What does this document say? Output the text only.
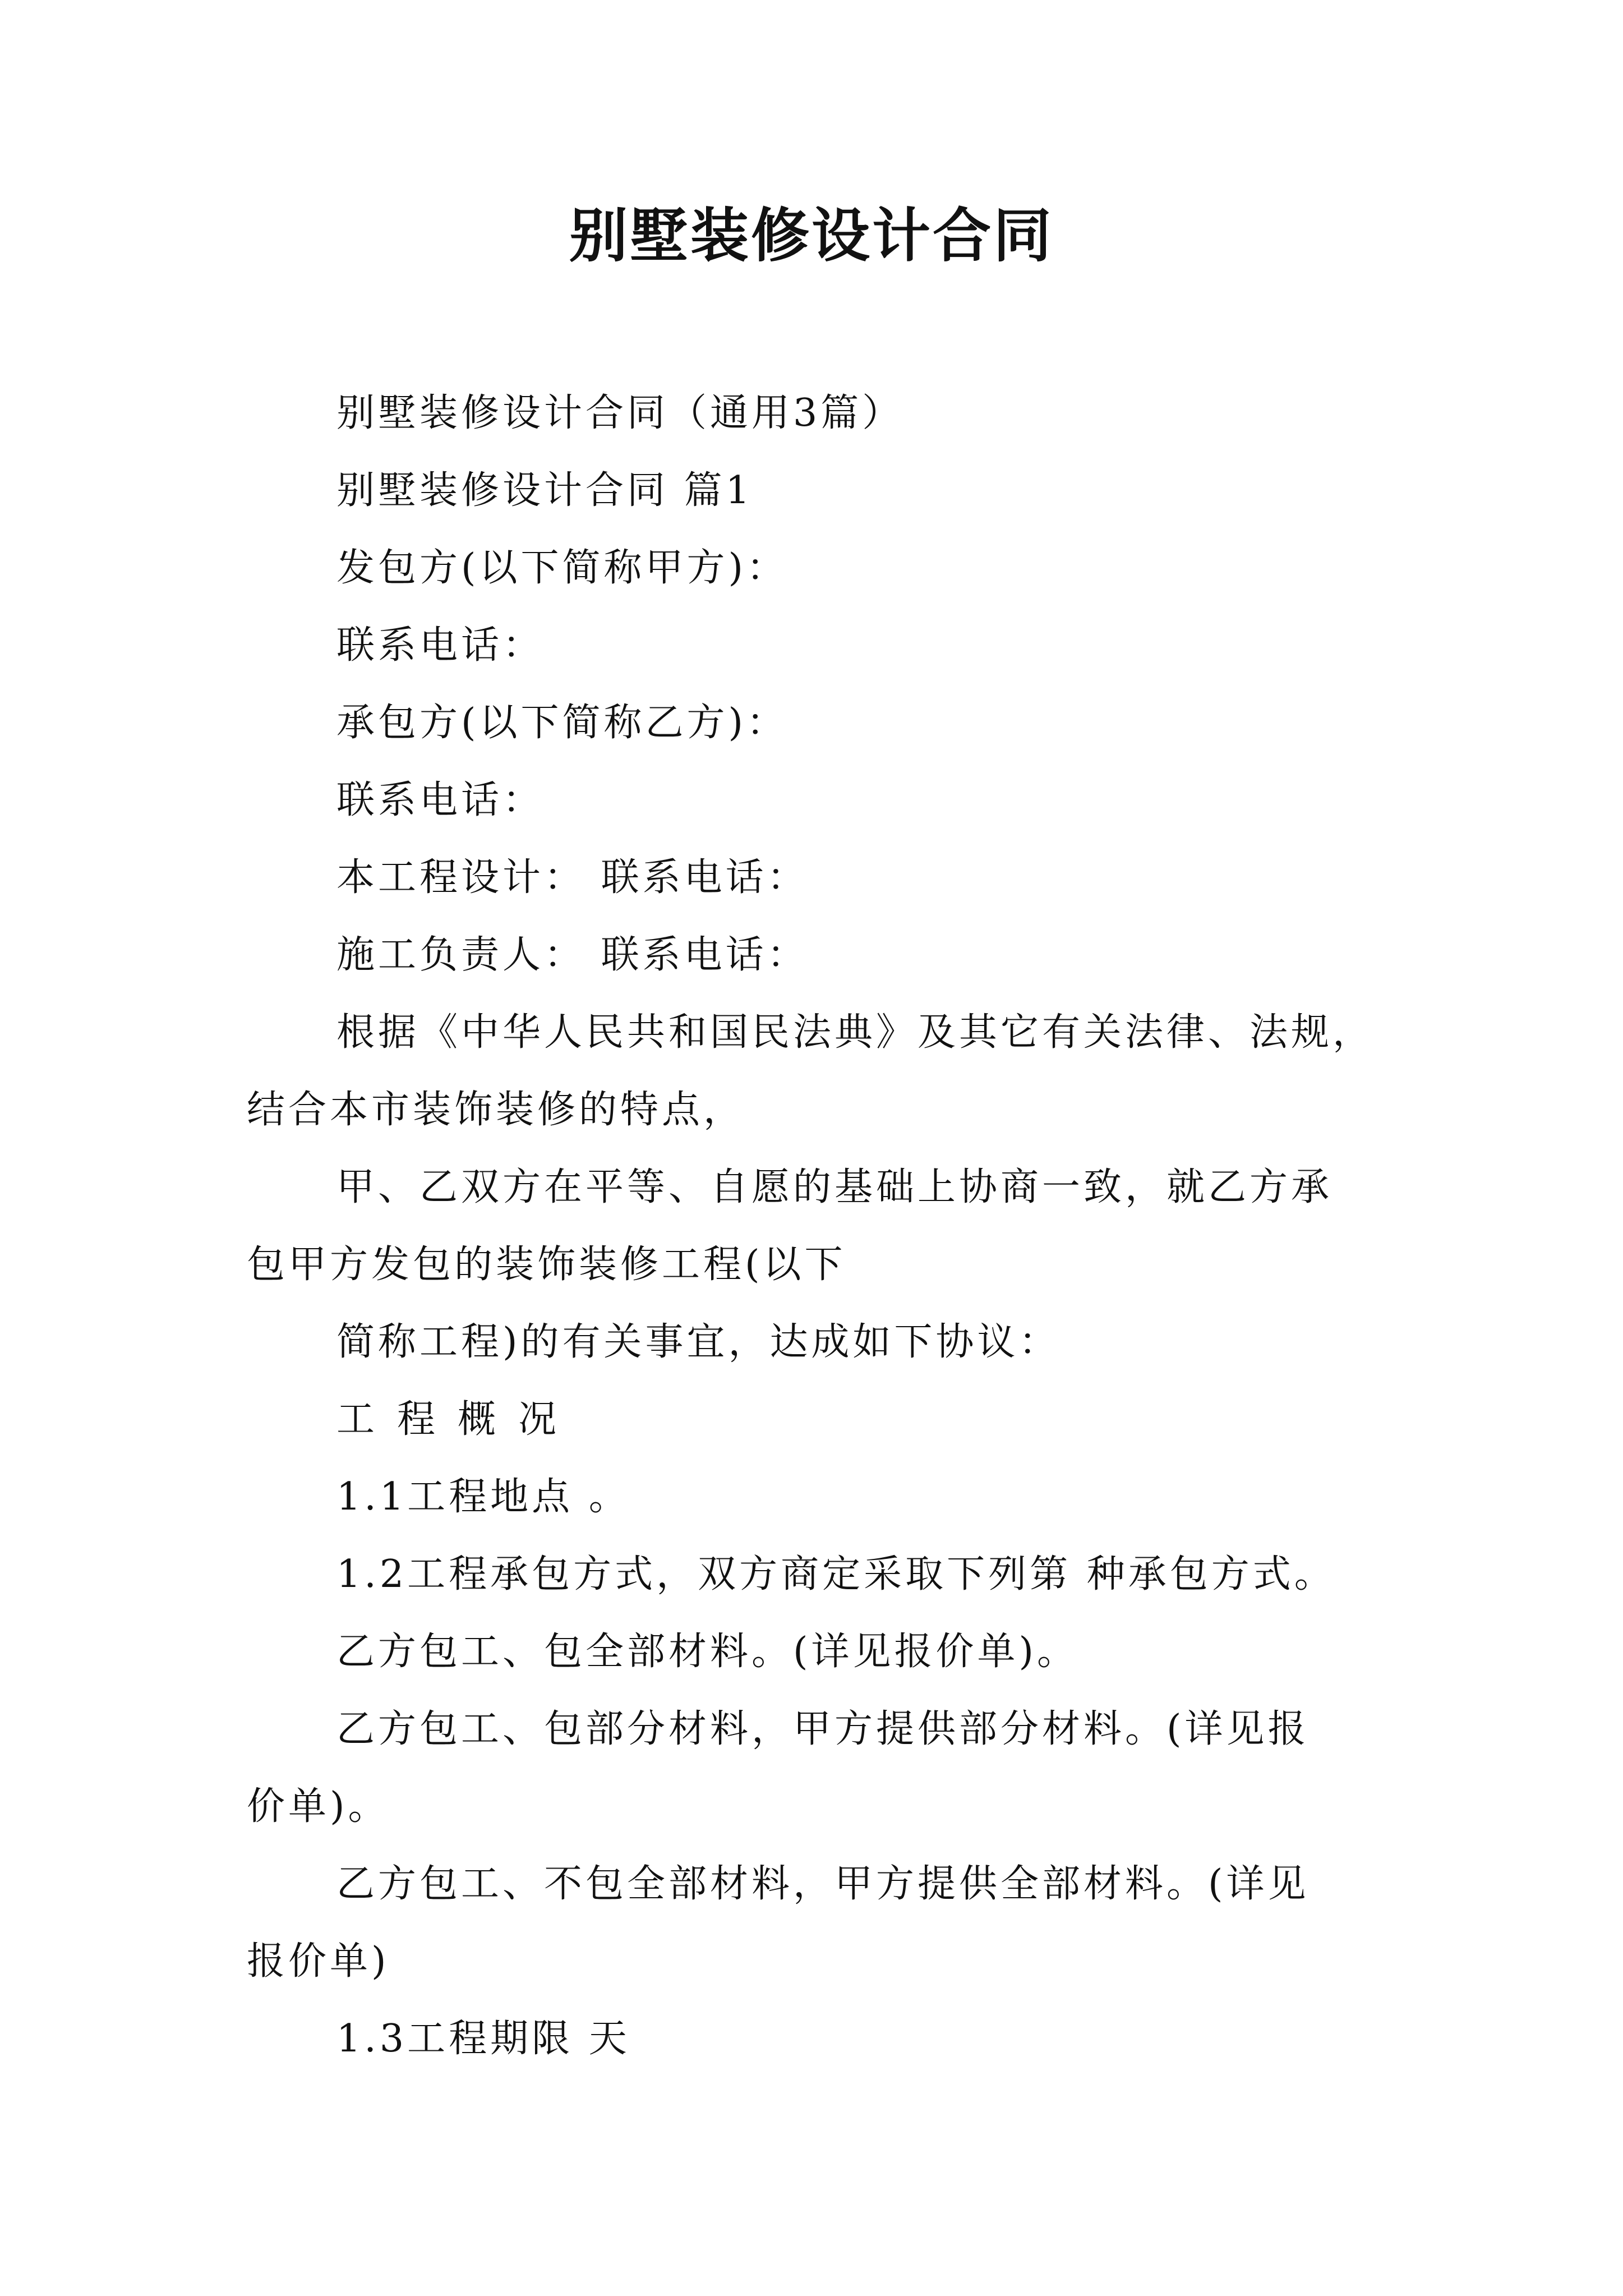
别墅装修设计合同

别墅装修设计合同（通用3篇）

别墅装修设计合同 篇1

发包方(以下简称甲方)：

联系电话：

承包方(以下简称乙方)：

联系电话：

本工程设计： 联系电话：

施工负责人： 联系电话：

根据《中华人民共和国民法典》及其它有关法律、法规，

结合本市装饰装修的特点，

甲、乙双方在平等、自愿的基础上协商一致，就乙方承

包甲方发包的装饰装修工程(以下

简称工程)的有关事宜，达成如下协议：

工程概况

1.1工程地点 。

1.2工程承包方式，双方商定采取下列第 种承包方式。

乙方包工、包全部材料。(详见报价单)。

乙方包工、包部分材料，甲方提供部分材料。(详见报

价单)。

乙方包工、不包全部材料，甲方提供全部材料。(详见

报价单)

1.3工程期限 天
